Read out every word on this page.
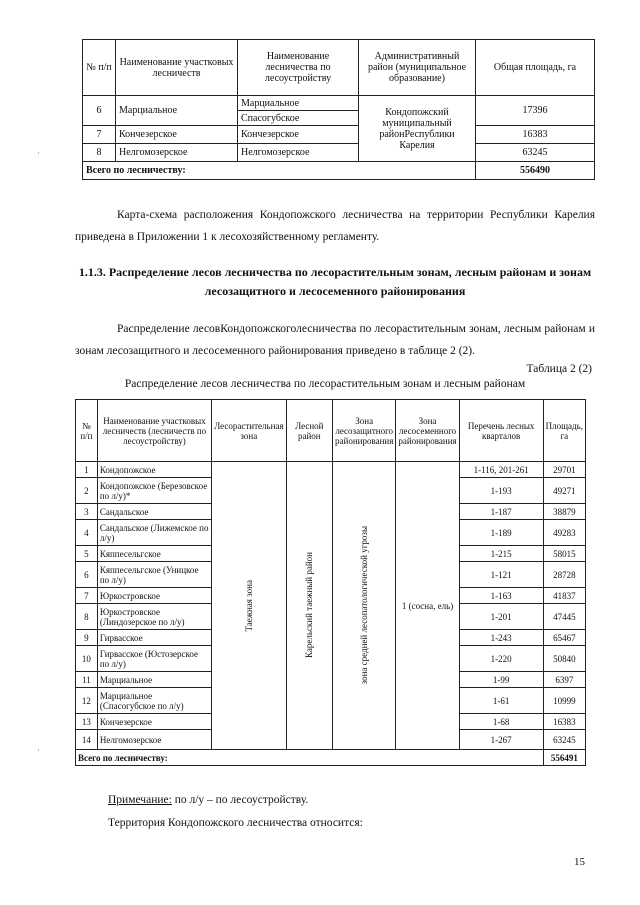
№ п/п	Наименование участковых лесничеств	Наименование лесничества по лесоустройству	Административный район (муниципальное образование)	Общая площадь, га
6	Марциальное	Марциальное	Кондопожский муниципальный районРеспублики Карелия	17396
		Спасогубское		
7	Кончезерское	Кончезерское		16383
8	Нелгомозерское	Нелгомозерское		63245
Всего по лесничеству:				556490

Карта-схема расположения Кондопожского лесничества на территории Республики Карелия приведена в Приложении 1 к лесохозяйственному регламенту.

1.1.3. Распределение лесов лесничества по лесорастительным зонам, лесным районам и зонам лесозащитного и лесосеменного районирования

Распределение лесовКондопожскоголесничества по лесорастительным зонам, лесным районам и зонам лесозащитного и лесосеменного районирования приведено в таблице 2 (2).

Таблица 2 (2)

Распределение лесов лесничества по лесорастительным зонам и лесным районам

№ п/п	Наименование участковых лесничеств (лесничеств по лесоустройству)	Лесорастительная зона	Лесной район	Зона лесозащитного районирования	Зона лесосеменного районирования	Перечень лесных кварталов	Площадь, га
1	Кондопожское	Таежная зона	Карельский таежный район	зона средней лесопатологической угрозы	1 (сосна, ель)	1-116, 201-261	29701
2	Кондопожское (Березовское по л/у)*					1-193	49271
3	Сандальское					1-187	38879
4	Сандальское (Лижемское по л/у)					1-189	49283
5	Кяппесельгское					1-215	58015
6	Кяппесельгское (Уницкое по л/у)					1-121	28728
7	Юркостровское					1-163	41837
8	Юркостровское (Линдозерское по л/у)					1-201	47445
9	Гирвасское					1-243	65467
10	Гирвасское (Юстозерское по л/у)					1-220	50840
11	Марциальное					1-99	6397
12	Марциальное (Спасогубское по л/у)					1-61	10999
13	Кончезерское					1-68	16383
14	Нелгомозерское					1-267	63245
Всего по лесничеству:							556491

Примечание: по л/у – по лесоустройству.

Территория Кондопожского лесничества относится:

15

·
·
